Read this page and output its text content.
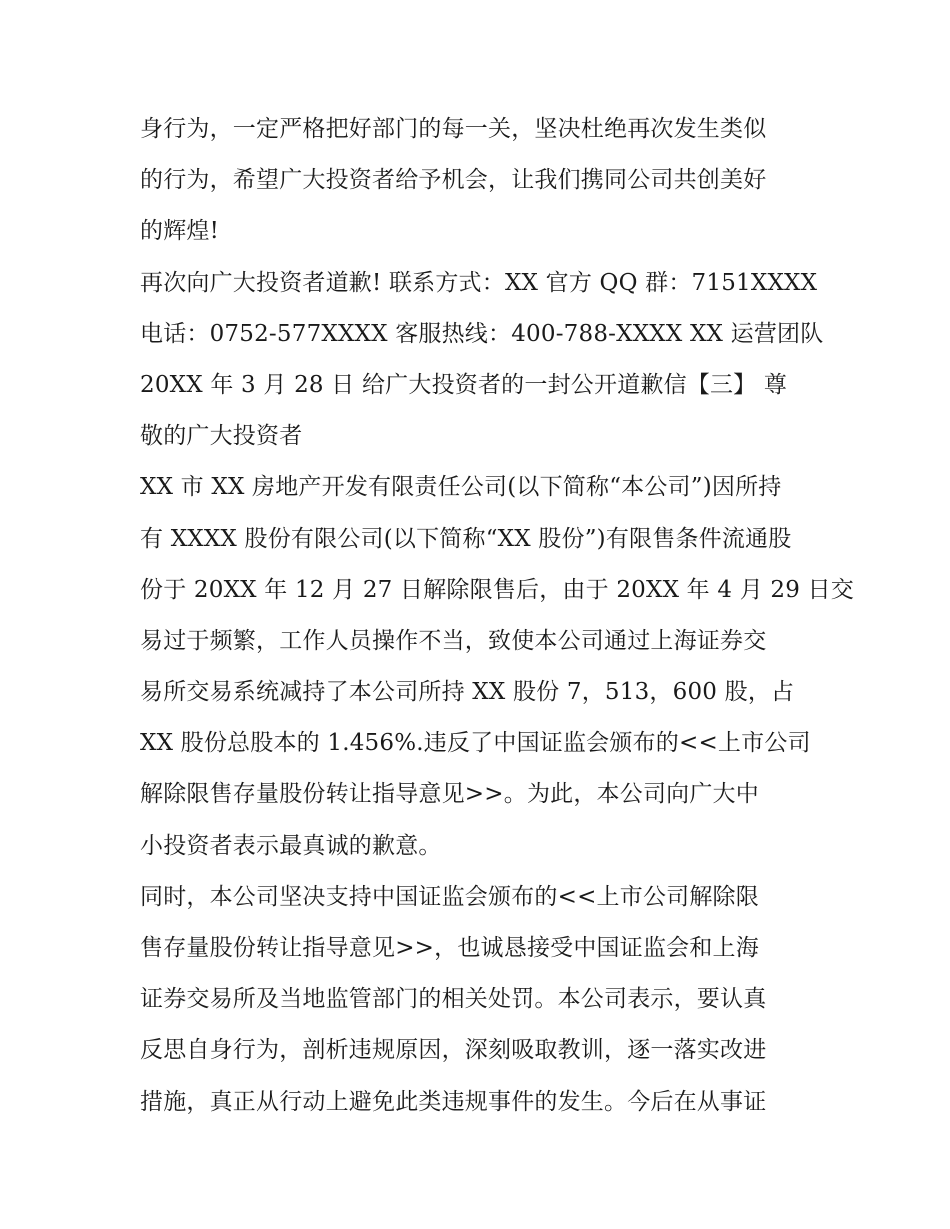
身行为，一定严格把好部门的每一关，坚决杜绝再次发生类似
的行为，希望广大投资者给予机会，让我们携同公司共创美好
的辉煌!
再次向广大投资者道歉! 联系方式：XX 官方 QQ 群：7151XXXX
电话：0752-577XXXX 客服热线：400-788-XXXX XX 运营团队
20XX 年 3 月 28 日 给广大投资者的一封公开道歉信【三】 尊
敬的广大投资者
XX 市 XX 房地产开发有限责任公司(以下简称“本公司”)因所持
有 XXXX 股份有限公司(以下简称“XX 股份”)有限售条件流通股
份于 20XX 年 12 月 27 日解除限售后，由于 20XX 年 4 月 29 日交
易过于频繁，工作人员操作不当，致使本公司通过上海证券交
易所交易系统减持了本公司所持 XX 股份 7，513，600 股，占
XX 股份总股本的 1.456%.违反了中国证监会颁布的<<上市公司
解除限售存量股份转让指导意见>>。为此，本公司向广大中
小投资者表示最真诚的歉意。
同时，本公司坚决支持中国证监会颁布的<<上市公司解除限
售存量股份转让指导意见>>，也诚恳接受中国证监会和上海
证券交易所及当地监管部门的相关处罚。本公司表示，要认真
反思自身行为，剖析违规原因，深刻吸取教训，逐一落实改进
措施，真正从行动上避免此类违规事件的发生。今后在从事证
